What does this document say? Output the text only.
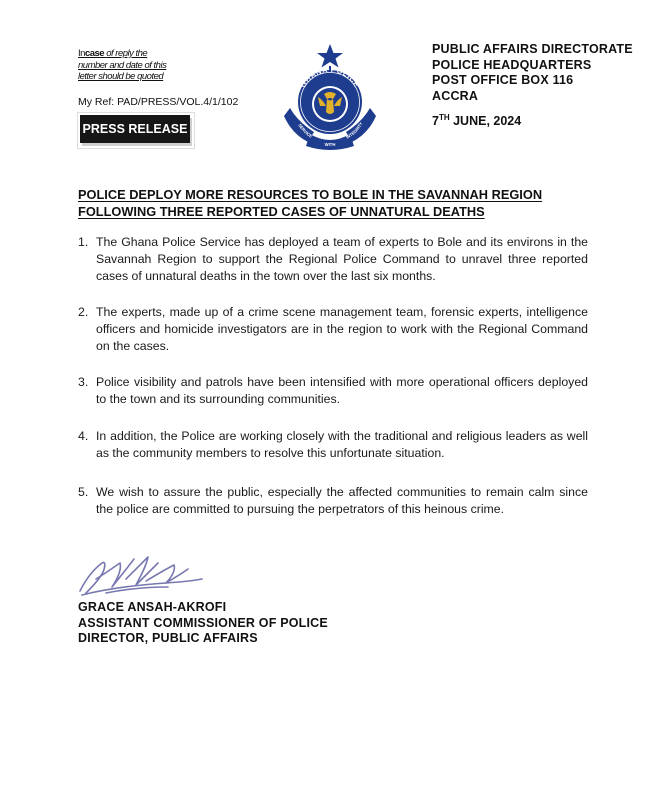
Incase of reply the
number and date of this
letter should be quoted
My Ref: PAD/PRESS/VOL.4/1/102
PRESS RELEASE
GHANA POLICE
SERVICE	INTEGRITY
WITH
PUBLIC AFFAIRS DIRECTORATE
POLICE HEADQUARTERS
POST OFFICE BOX 116
ACCRA
7TH JUNE, 2024
POLICE DEPLOY MORE RESOURCES TO BOLE IN THE SAVANNAH REGION FOLLOWING THREE REPORTED CASES OF UNNATURAL DEATHS
1. The Ghana Police Service has deployed a team of experts to Bole and its environs in the Savannah Region to support the Regional Police Command to unravel three reported cases of unnatural deaths in the town over the last six months.
2. The experts, made up of a crime scene management team, forensic experts, intelligence officers and homicide investigators are in the region to work with the Regional Command on the cases.
3. Police visibility and patrols have been intensified with more operational officers deployed to the town and its surrounding communities.
4. In addition, the Police are working closely with the traditional and religious leaders as well as the community members to resolve this unfortunate situation.
5. We wish to assure the public, especially the affected communities to remain calm since the police are committed to pursuing the perpetrators of this heinous crime.
GRACE ANSAH-AKROFI
ASSISTANT COMMISSIONER OF POLICE
DIRECTOR, PUBLIC AFFAIRS
